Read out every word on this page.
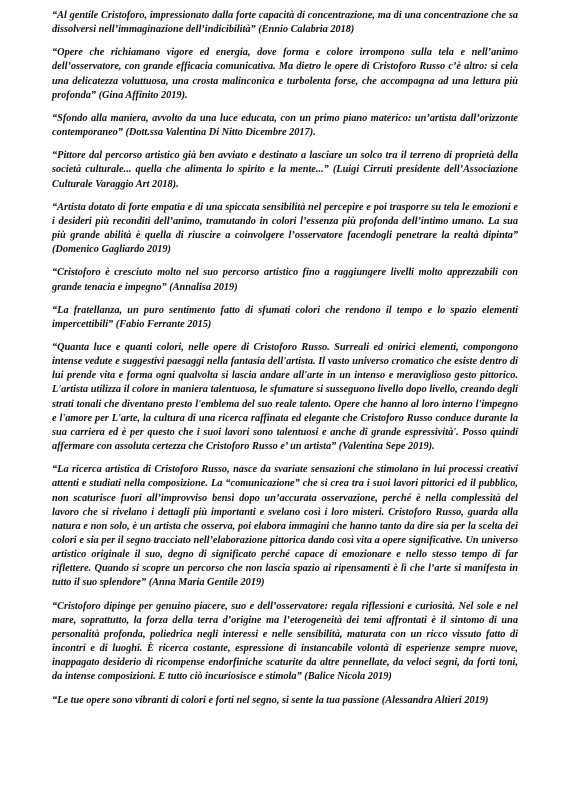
“Al gentile Cristoforo, impressionato dalla forte capacità di concentrazione, ma di una concentrazione che sa dissolversi nell’immaginazione dell’indicibilità” (Ennio Calabria 2018)

“Opere che richiamano vigore ed energia, dove forma e colore irrompono sulla tela e nell’animo dell’osservatore, con grande efficacia comunicativa. Ma dietro le opere di Cristoforo Russo c’è altro: si cela una delicatezza voluttuosa, una crosta malinconica e turbolenta forse, che accompagna ad una lettura più profonda” (Gina Affinito 2019).

“Sfondo alla maniera, avvolto da una luce educata, con un primo piano materico: un’artista dall’orizzonte contemporaneo” (Dott.ssa Valentina Di Nitto Dicembre 2017).

“Pittore dal percorso artistico già ben avviato e destinato a lasciare un solco tra il terreno di proprietà della società culturale... quella che alimenta lo spirito e la mente...” (Luigi Cirruti presidente dell’Associazione Culturale Varaggio Art 2018).

“Artista dotato di forte empatia e di una spiccata sensibilità nel percepire e poi trasporre su tela le emozioni e i desideri più reconditi dell’animo, tramutando in colori l’essenza più profonda dell’intimo umano. La sua più grande abilità è quella di riuscire a coinvolgere l’osservatore facendogli penetrare la realtà dipinta” (Domenico Gagliardo 2019)

“Cristoforo è cresciuto molto nel suo percorso artistico fino a raggiungere livelli molto apprezzabili con grande tenacia e impegno” (Annalisa 2019)

“La fratellanza, un puro sentimento fatto di sfumati colori che rendono il tempo e lo spazio elementi impercettibili” (Fabio Ferrante 2015)

“Quanta luce e quanti colori, nelle opere di Cristoforo Russo. Surreali ed onirici elementi, compongono intense vedute e suggestivi paesaggi nella fantasia dell'artista. Il vasto universo cromatico che esiste dentro di lui prende vita e forma ogni qualvolta si lascia andare all'arte in un intenso e meraviglioso gesto pittorico. L'artista utilizza il colore in maniera talentuosa, le sfumature si susseguono livello dopo livello, creando degli strati tonali che diventano presto l'emblema del suo reale talento. Opere che hanno al loro interno l'impegno e l'amore per L'arte, la cultura di una ricerca raffinata ed elegante che Cristoforo Russo conduce durante la sua carriera ed è per questo che i suoi lavori sono talentuosi e anche di grande espressività'. Posso quindi affermare con assoluta certezza che Cristoforo Russo e’ un artista” (Valentina Sepe 2019).

“La ricerca artistica di Cristoforo Russo, nasce da svariate sensazioni che stimolano in lui processi creativi attenti e studiati nella composizione. La “comunicazione” che si crea tra i suoi lavori pittorici ed il pubblico, non scaturisce fuori all’improvviso bensì dopo un’accurata osservazione, perché è nella complessità del lavoro che si rivelano i dettagli più importanti e svelano così i loro misteri. Cristoforo Russo, guarda alla natura e non solo, è un artista che osserva, poi elabora immagini che hanno tanto da dire sia per la scelta dei colori e sia per il segno tracciato nell’elaborazione pittorica dando così vita a opere significative. Un universo artistico originale il suo, degno di significato perché capace di emozionare e nello stesso tempo di far riflettere. Quando si scopre un percorso che non lascia spazio ai ripensamenti è lì che l’arte si manifesta in tutto il suo splendore” (Anna Maria Gentile 2019)

“Cristoforo dipinge per genuino piacere, suo e dell’osservatore: regala riflessioni e curiosità. Nel sole e nel mare, soprattutto, la forza della terra d’origine ma l’eterogeneità dei temi affrontati è il sintomo di una personalità profonda, poliedrica negli interessi e nelle sensibilità, maturata con un ricco vissuto fatto di incontri e di luoghi. È ricerca costante, espressione di instancabile volontà di esperienze sempre nuove, inappagato desiderio di ricompense endorfiniche scaturite da altre pennellate, da veloci segni, da forti toni, da intense composizioni. E tutto ciò incuriosisce e stimola” (Balice Nicola 2019)

“Le tue opere sono vibranti di colori e forti nel segno, si sente la tua passione (Alessandra Altieri 2019)
